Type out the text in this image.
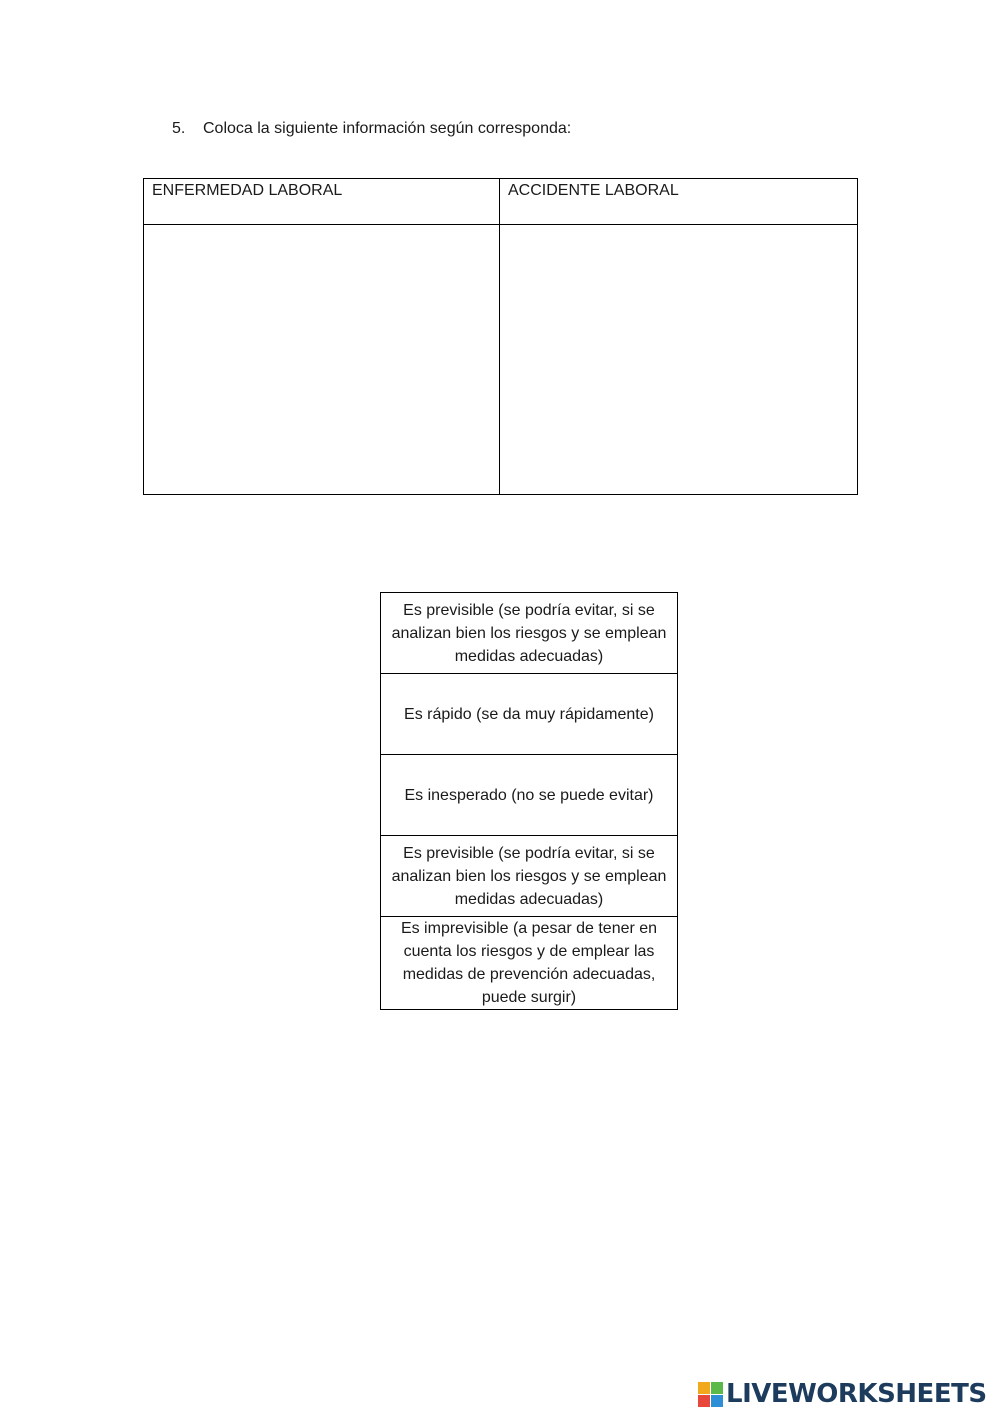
5. Coloca la siguiente información según corresponda:
ENFERMEDAD LABORAL	ACCIDENTE LABORAL

Es previsible (se podría evitar, si se analizan bien los riesgos y se emplean medidas adecuadas)
Es rápido (se da muy rápidamente)
Es inesperado (no se puede evitar)
Es previsible (se podría evitar, si se analizan bien los riesgos y se emplean medidas adecuadas)
Es imprevisible (a pesar de tener en cuenta los riesgos y de emplear las medidas de prevención adecuadas, puede surgir)
LIVEWORKSHEETS
